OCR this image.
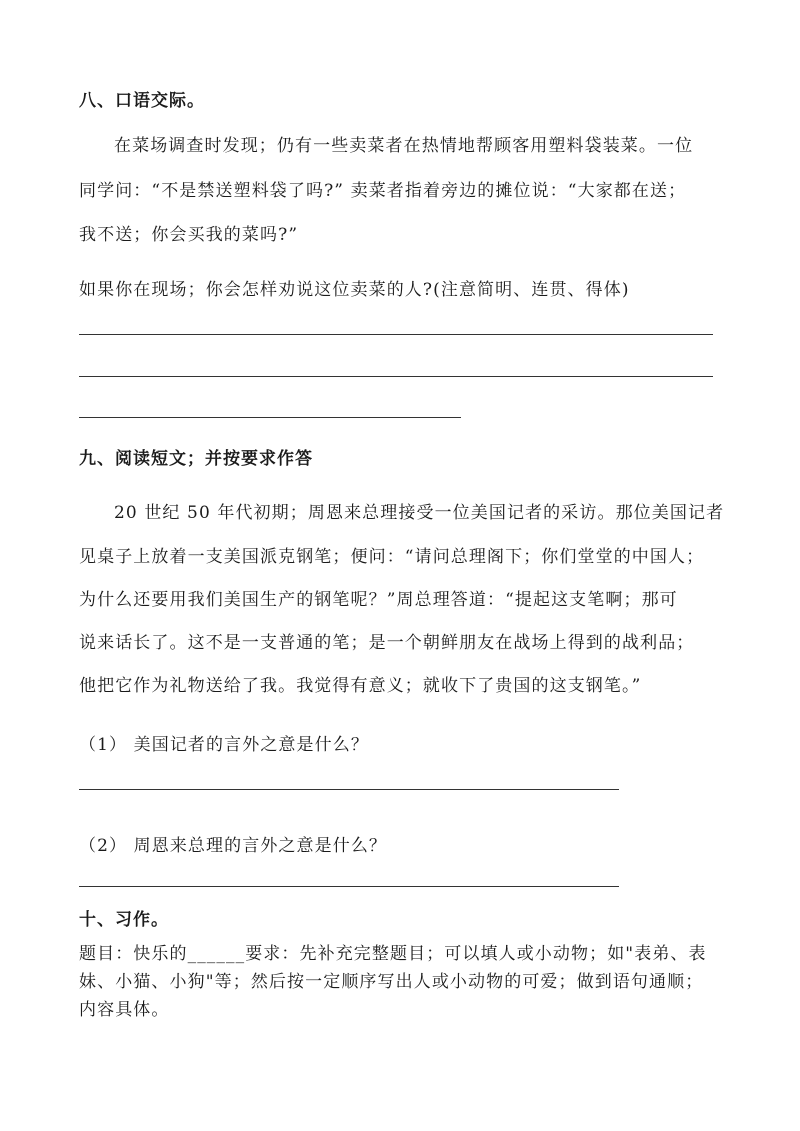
八、口语交际。
在菜场调查时发现；仍有一些卖菜者在热情地帮顾客用塑料袋装菜。一位
同学问：“不是禁送塑料袋了吗?” 卖菜者指着旁边的摊位说：“大家都在送；
我不送；你会买我的菜吗?”
如果你在现场；你会怎样劝说这位卖菜的人?(注意简明、连贯、得体)
九、阅读短文；并按要求作答
20 世纪 50 年代初期；周恩来总理接受一位美国记者的采访。那位美国记者
见桌子上放着一支美国派克钢笔；便问：“请问总理阁下；你们堂堂的中国人；
为什么还要用我们美国生产的钢笔呢？”周总理答道：“提起这支笔啊；那可
说来话长了。这不是一支普通的笔；是一个朝鲜朋友在战场上得到的战利品；
他把它作为礼物送给了我。我觉得有意义；就收下了贵国的这支钢笔。”
（1） 美国记者的言外之意是什么？
（2） 周恩来总理的言外之意是什么？
十、习作。
题目：快乐的______要求：先补充完整题目；可以填人或小动物；如"表弟、表
妹、小猫、小狗"等；然后按一定顺序写出人或小动物的可爱；做到语句通顺；
内容具体。
